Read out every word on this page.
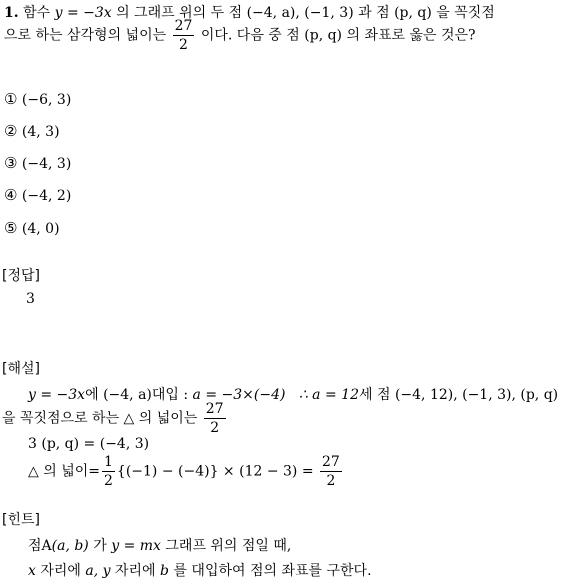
1. 함수 y = −3x 의 그래프 위의 두 점 (−4, a), (−1, 3) 과 점 (p, q) 을 꼭짓점
으로 하는 삼각형의 넓이는 $\frac{27}{2}$ 이다. 다음 중 점 (p, q) 의 좌표로 옳은 것은?
① (−6, 3)
② (4, 3)
③ (−4, 3)
④ (−4, 2)
⑤ (4, 0)
[정답]
3
[해설]
y = −3x에 (−4, a)대입 : a = −3×(−4) ∴ a = 12세 점 (−4, 12), (−1, 3), (p, q)
을 꼭짓점으로 하는 △ 의 넓이는 $\frac{27}{2}$
3 (p, q) = (−4, 3)
△ 의 넓이= $\frac{1}{2} \{(-1) - (-4)\} \times (12 - 3) = \frac{27}{2}$
[힌트]
점A(a, b) 가 y = mx 그래프 위의 점일 때,
x 자리에 a, y 자리에 b 를 대입하여 점의 좌표를 구한다.
